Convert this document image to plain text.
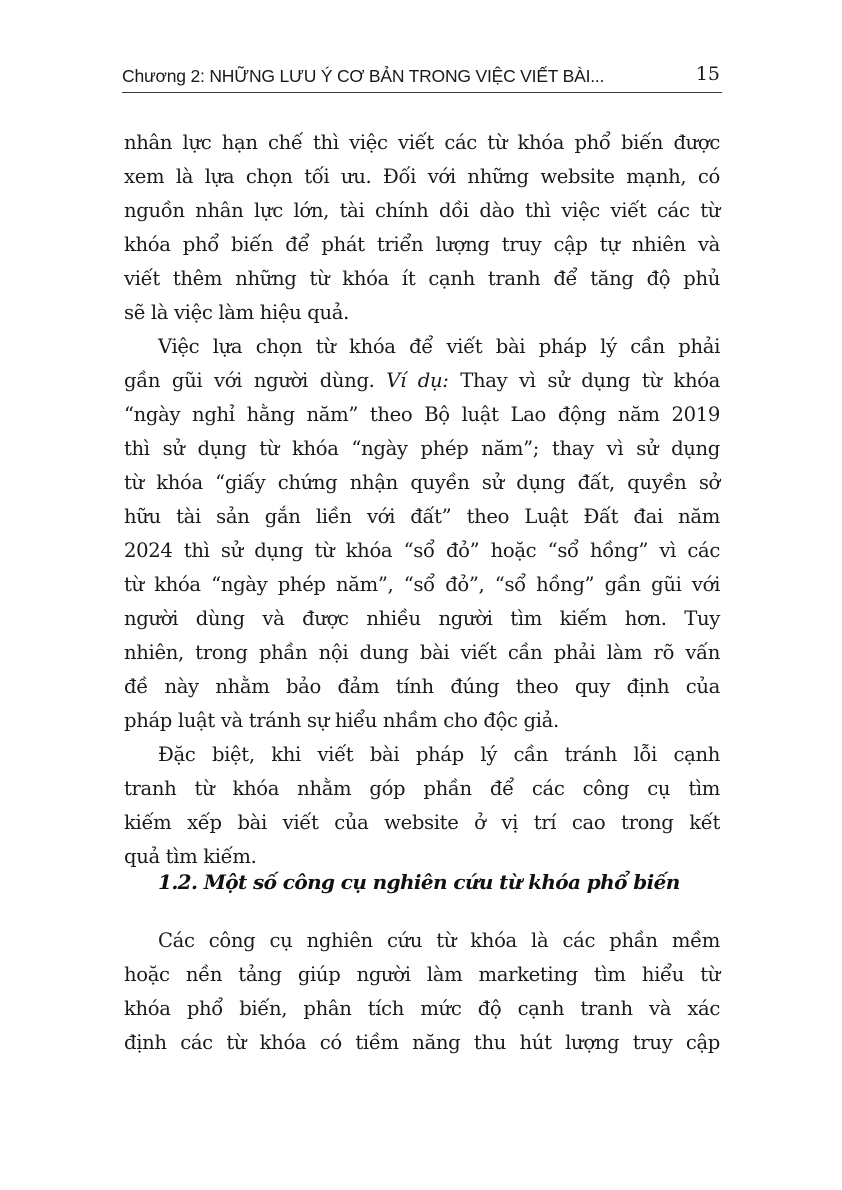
Chương 2: NHỮNG LƯU Ý CƠ BẢN TRONG VIỆC VIẾT BÀI...	15
nhân lực hạn chế thì việc viết các từ khóa phổ biến được
xem là lựa chọn tối ưu. Đối với những website mạnh, có
nguồn nhân lực lớn, tài chính dồi dào thì việc viết các từ
khóa phổ biến để phát triển lượng truy cập tự nhiên và
viết thêm những từ khóa ít cạnh tranh để tăng độ phủ
sẽ là việc làm hiệu quả.
Việc lựa chọn từ khóa để viết bài pháp lý cần phải
gần gũi với người dùng. Ví dụ: Thay vì sử dụng từ khóa
“ngày nghỉ hằng năm” theo Bộ luật Lao động năm 2019
thì sử dụng từ khóa “ngày phép năm”; thay vì sử dụng
từ khóa “giấy chứng nhận quyền sử dụng đất, quyền sở
hữu tài sản gắn liền với đất” theo Luật Đất đai năm
2024 thì sử dụng từ khóa “sổ đỏ” hoặc “sổ hồng” vì các
từ khóa “ngày phép năm”, “sổ đỏ”, “sổ hồng” gần gũi với
người dùng và được nhiều người tìm kiếm hơn. Tuy
nhiên, trong phần nội dung bài viết cần phải làm rõ vấn
đề này nhằm bảo đảm tính đúng theo quy định của
pháp luật và tránh sự hiểu nhầm cho độc giả.
Đặc biệt, khi viết bài pháp lý cần tránh lỗi cạnh
tranh từ khóa nhằm góp phần để các công cụ tìm
kiếm xếp bài viết của website ở vị trí cao trong kết
quả tìm kiếm.
Các công cụ nghiên cứu từ khóa là các phần mềm
hoặc nền tảng giúp người làm marketing tìm hiểu từ
khóa phổ biến, phân tích mức độ cạnh tranh và xác
định các từ khóa có tiềm năng thu hút lượng truy cập
1.2. Một số công cụ nghiên cứu từ khóa phổ biến
